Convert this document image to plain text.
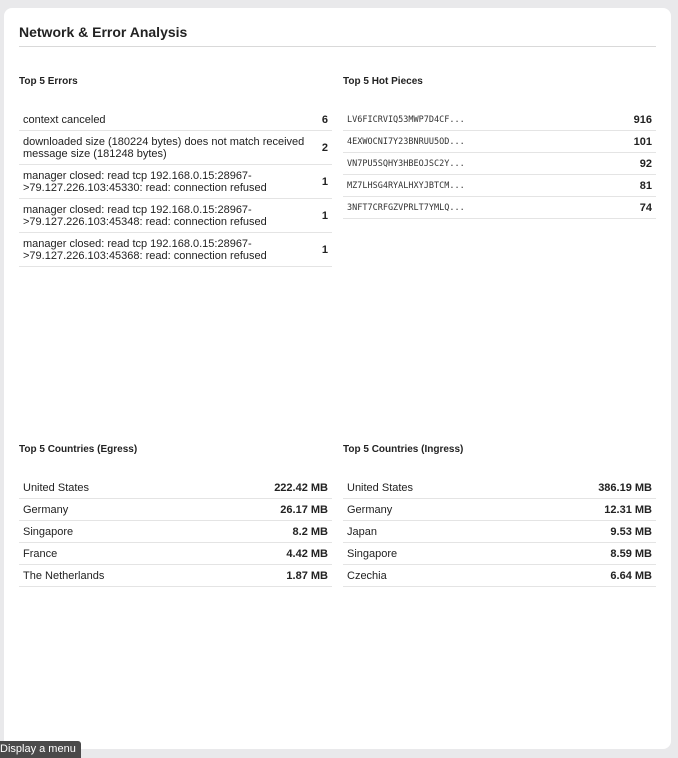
Network & Error Analysis
Top 5 Errors
context canceled	6
downloaded size (180224 bytes) does not match received message size (181248 bytes)	2
manager closed: read tcp 192.168.0.15:28967->79.127.226.103:45330: read: connection refused	1
manager closed: read tcp 192.168.0.15:28967->79.127.226.103:45348: read: connection refused	1
manager closed: read tcp 192.168.0.15:28967->79.127.226.103:45368: read: connection refused	1
Top 5 Hot Pieces
LV6FICRVIQ53MWP7D4CF...	916
4EXWOCNI7Y23BNRUU5OD...	101
VN7PU5SQHY3HBEOJSC2Y...	92
MZ7LHSG4RYALHXYJBTCM...	81
3NFT7CRFGZVPRLT7YMLQ...	74
Top 5 Countries (Egress)
United States	222.42 MB
Germany	26.17 MB
Singapore	8.2 MB
France	4.42 MB
The Netherlands	1.87 MB
Top 5 Countries (Ingress)
United States	386.19 MB
Germany	12.31 MB
Japan	9.53 MB
Singapore	8.59 MB
Czechia	6.64 MB
Display a menu
